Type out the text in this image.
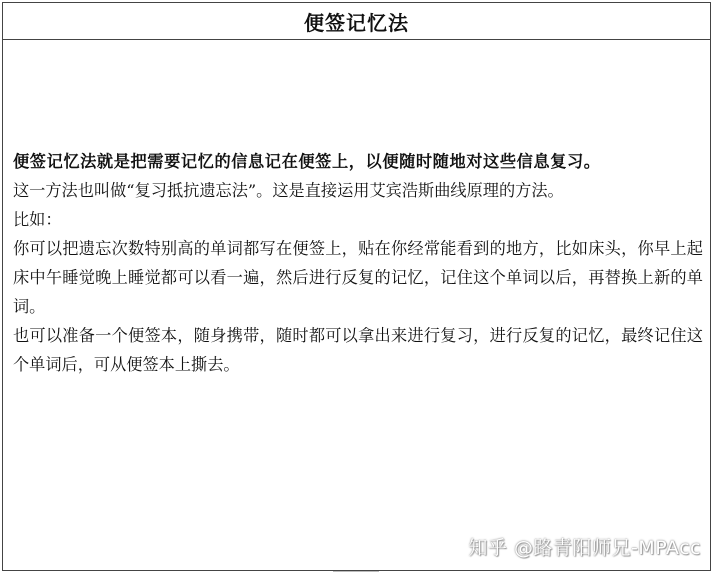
便签记忆法

便签记忆法就是把需要记忆的信息记在便签上，以便随时随地对这些信息复习。

这一方法也叫做“复习抵抗遗忘法”。这是直接运用艾宾浩斯曲线原理的方法。

比如：

你可以把遗忘次数特别高的单词都写在便签上，贴在你经常能看到的地方，比如床头，你早上起床中午睡觉晚上睡觉都可以看一遍，然后进行反复的记忆，记住这个单词以后，再替换上新的单词。

也可以准备一个便签本，随身携带，随时都可以拿出来进行复习，进行反复的记忆，最终记住这个单词后，可从便签本上撕去。

知乎 @路青阳师兄-MPAcc
